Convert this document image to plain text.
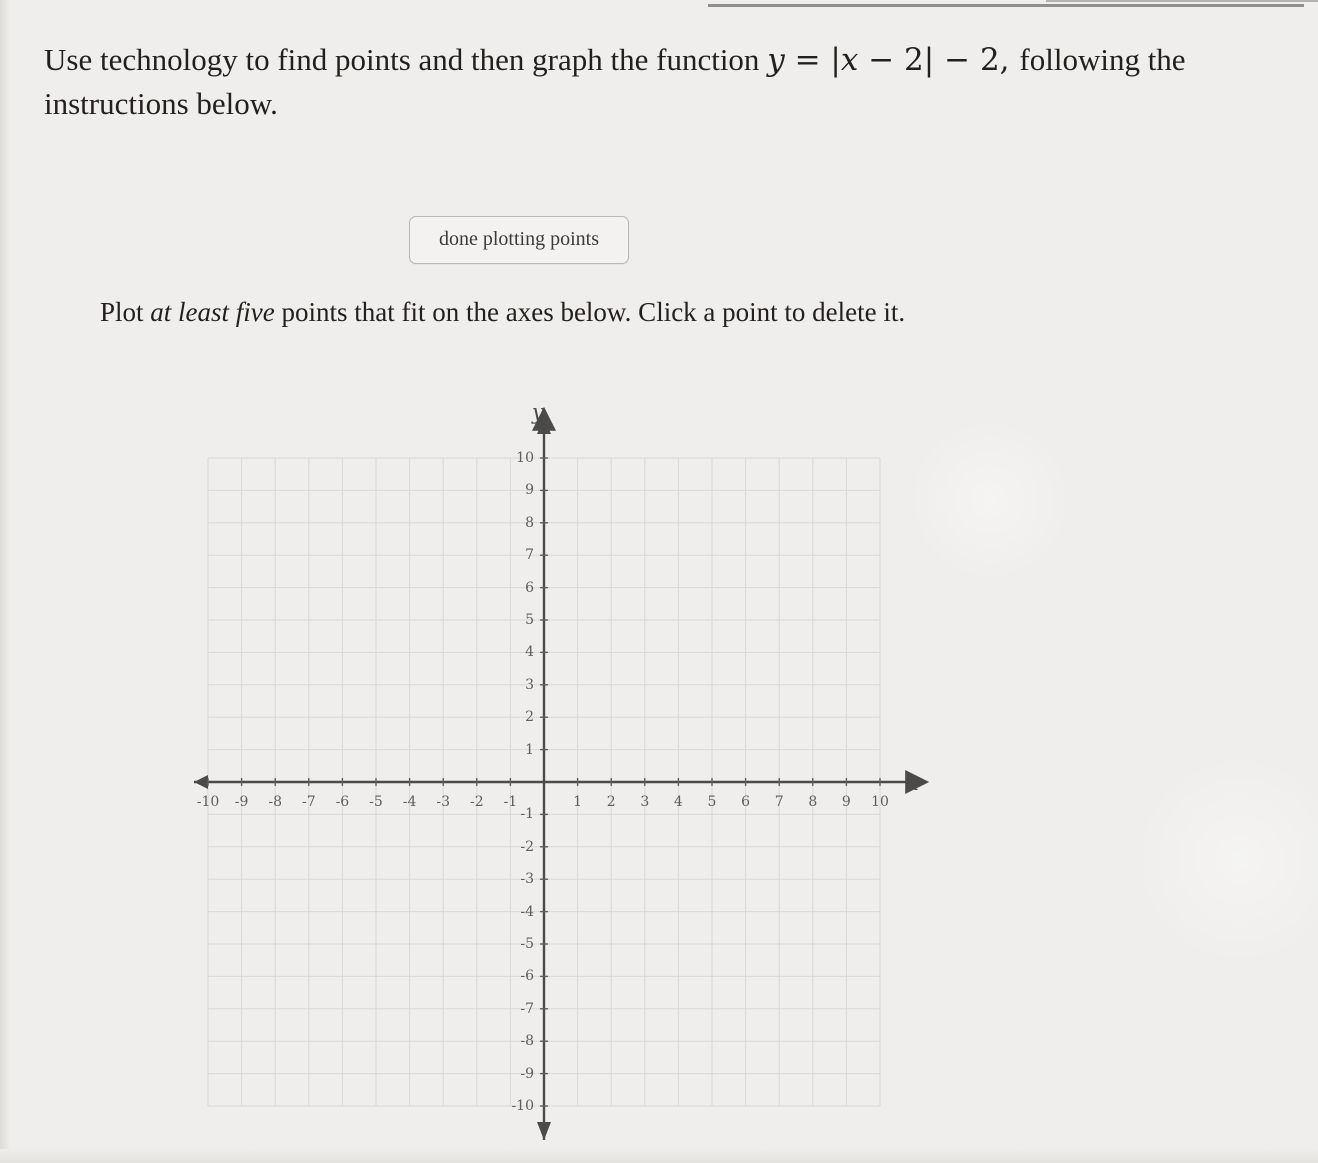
Use technology to find points and then graph the function y = |x − 2| − 2, following the instructions below.
done plotting points
Plot at least five points that fit on the axes below. Click a point to delete it.
x
y
-10 -9 -8 -7 -6 -5 -4 -3 -2 -1	1 2 3 4 5 6 7 8 9 10
10
9
8
7
6
5
4
3
2
1
-1
-2
-3
-4
-5
-6
-7
-8
-9
-10
